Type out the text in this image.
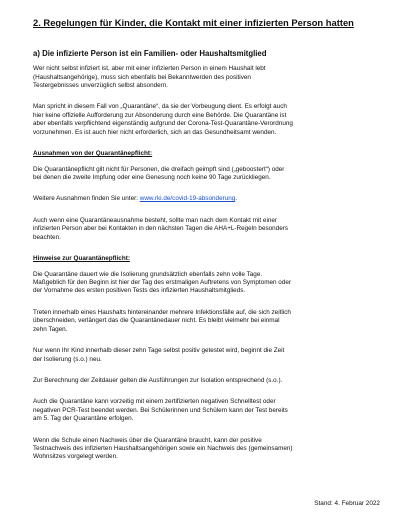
2. Regelungen für Kinder, die Kontakt mit einer infizierten Person hatten
a) Die infizierte Person ist ein Familien- oder Haushaltsmitglied
Wer nicht selbst infiziert ist, aber mit einer infizierten Person in einem Haushalt lebt
(Haushaltsangehörige), muss sich ebenfalls bei Bekanntwerden des positiven
Testergebnisses unverzüglich selbst absondern.
Man spricht in diesem Fall von „Quarantäne“, da sie der Vorbeugung dient. Es erfolgt auch
hier keine offizielle Aufforderung zur Absonderung durch eine Behörde. Die Quarantäne ist
aber ebenfalls verpflichtend eigenständig aufgrund der Corona-Test-Quarantäne-Verordnung
vorzunehmen. Es ist auch hier nicht erforderlich, sich an das Gesundheitsamt wenden.
Ausnahmen von der Quarantänepflicht:
Die Quarantänepflicht gilt nicht für Personen, die dreifach geimpft sind („geboostert“) oder
bei denen die zweite Impfung oder eine Genesung noch keine 90 Tage zurückliegen.
Weitere Ausnahmen finden Sie unter: www.rki.de/covid-19-absonderung.
Auch wenn eine Quarantäneausnahme besteht, sollte man nach dem Kontakt mit einer
infizierten Person aber bei Kontakten in den nächsten Tagen die AHA+L-Regeln besonders
beachten.
Hinweise zur Quarantänepflicht:
Die Quarantäne dauert wie die Isolierung grundsätzlich ebenfalls zehn volle Tage.
Maßgeblich für den Beginn ist hier der Tag des erstmaligen Auftretens von Symptomen oder
der Vornahme des ersten positiven Tests des infizierten Haushaltsmitglieds.
Treten innerhalb eines Haushalts hintereinander mehrere Infektionsfälle auf, die sich zeitlich
überschneiden, verlängert das die Quarantänedauer nicht. Es bleibt vielmehr bei einmal
zehn Tagen.
Nur wenn Ihr Kind innerhalb dieser zehn Tage selbst positiv getestet wird, beginnt die Zeit
der Isolierung (s.o.) neu.
Zur Berechnung der Zeitdauer gelten die Ausführungen zur Isolation entsprechend (s.o.).
Auch die Quarantäne kann vorzeitig mit einem zertifizierten negativen Schnelltest oder
negativen PCR-Test beendet werden. Bei Schülerinnen und Schülern kann der Test bereits
am 5. Tag der Quarantäne erfolgen.
Wenn die Schule einen Nachweis über die Quarantäne braucht, kann der positive
Testnachweis des infizierten Haushaltsangehörigen sowie ein Nachweis des (gemeinsamen)
Wohnsitzes vorgelegt werden.
Stand: 4. Februar 2022
